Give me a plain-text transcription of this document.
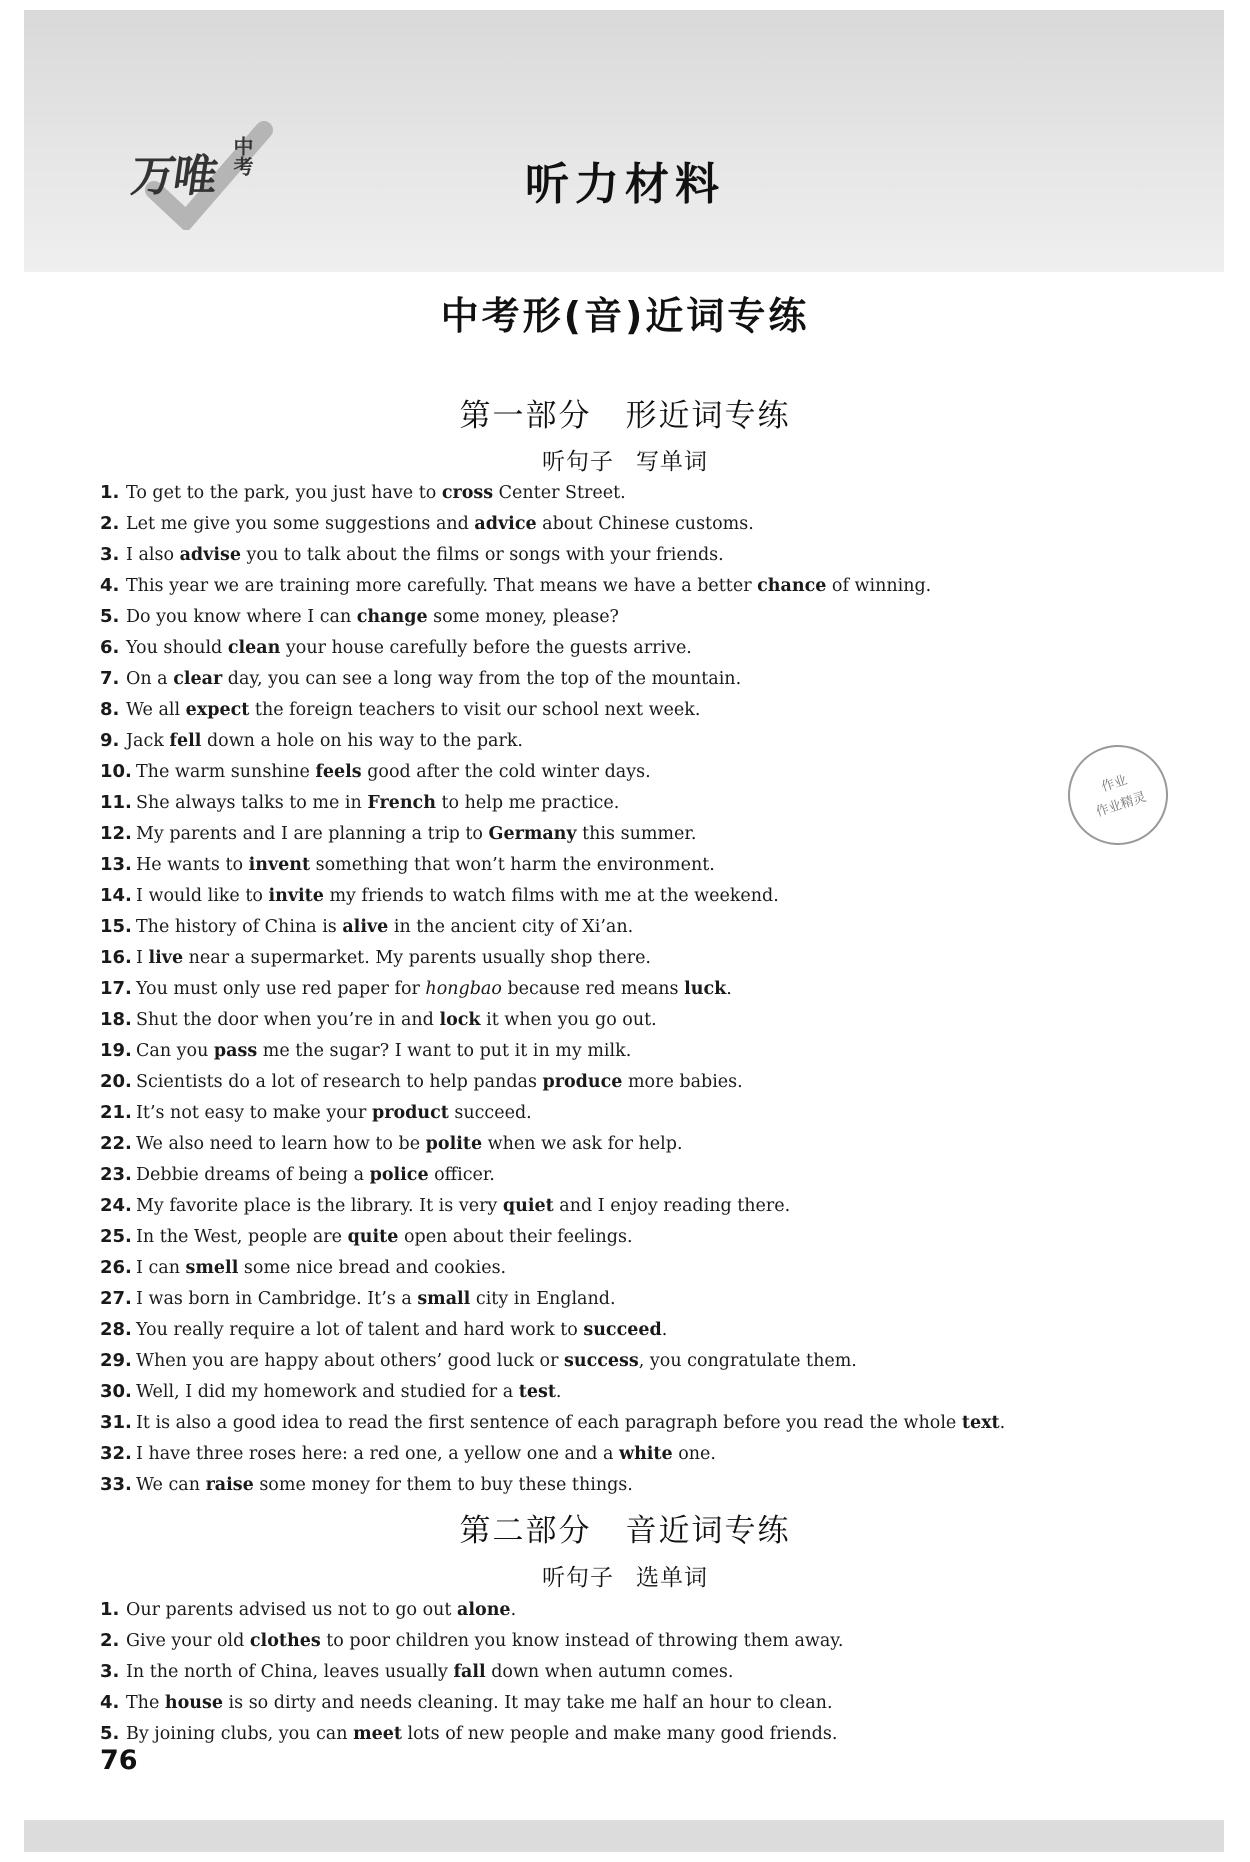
万唯 中考
听力材料
中考形(音)近词专练
第一部分 形近词专练
听句子 写单词
1. To get to the park, you just have to cross Center Street.
2. Let me give you some suggestions and advice about Chinese customs.
3. I also advise you to talk about the films or songs with your friends.
4. This year we are training more carefully. That means we have a better chance of winning.
5. Do you know where I can change some money, please?
6. You should clean your house carefully before the guests arrive.
7. On a clear day, you can see a long way from the top of the mountain.
8. We all expect the foreign teachers to visit our school next week.
9. Jack fell down a hole on his way to the park.
10. The warm sunshine feels good after the cold winter days.
11. She always talks to me in French to help me practice.
12. My parents and I are planning a trip to Germany this summer.
13. He wants to invent something that won’t harm the environment.
14. I would like to invite my friends to watch films with me at the weekend.
15. The history of China is alive in the ancient city of Xi’an.
16. I live near a supermarket. My parents usually shop there.
17. You must only use red paper for hongbao because red means luck.
18. Shut the door when you’re in and lock it when you go out.
19. Can you pass me the sugar? I want to put it in my milk.
20. Scientists do a lot of research to help pandas produce more babies.
21. It’s not easy to make your product succeed.
22. We also need to learn how to be polite when we ask for help.
23. Debbie dreams of being a police officer.
24. My favorite place is the library. It is very quiet and I enjoy reading there.
25. In the West, people are quite open about their feelings.
26. I can smell some nice bread and cookies.
27. I was born in Cambridge. It’s a small city in England.
28. You really require a lot of talent and hard work to succeed.
29. When you are happy about others’ good luck or success, you congratulate them.
30. Well, I did my homework and studied for a test.
31. It is also a good idea to read the first sentence of each paragraph before you read the whole text.
32. I have three roses here: a red one, a yellow one and a white one.
33. We can raise some money for them to buy these things.
第二部分 音近词专练
听句子 选单词
1. Our parents advised us not to go out alone.
2. Give your old clothes to poor children you know instead of throwing them away.
3. In the north of China, leaves usually fall down when autumn comes.
4. The house is so dirty and needs cleaning. It may take me half an hour to clean.
5. By joining clubs, you can meet lots of new people and make many good friends.
作业
作业精灵
76
